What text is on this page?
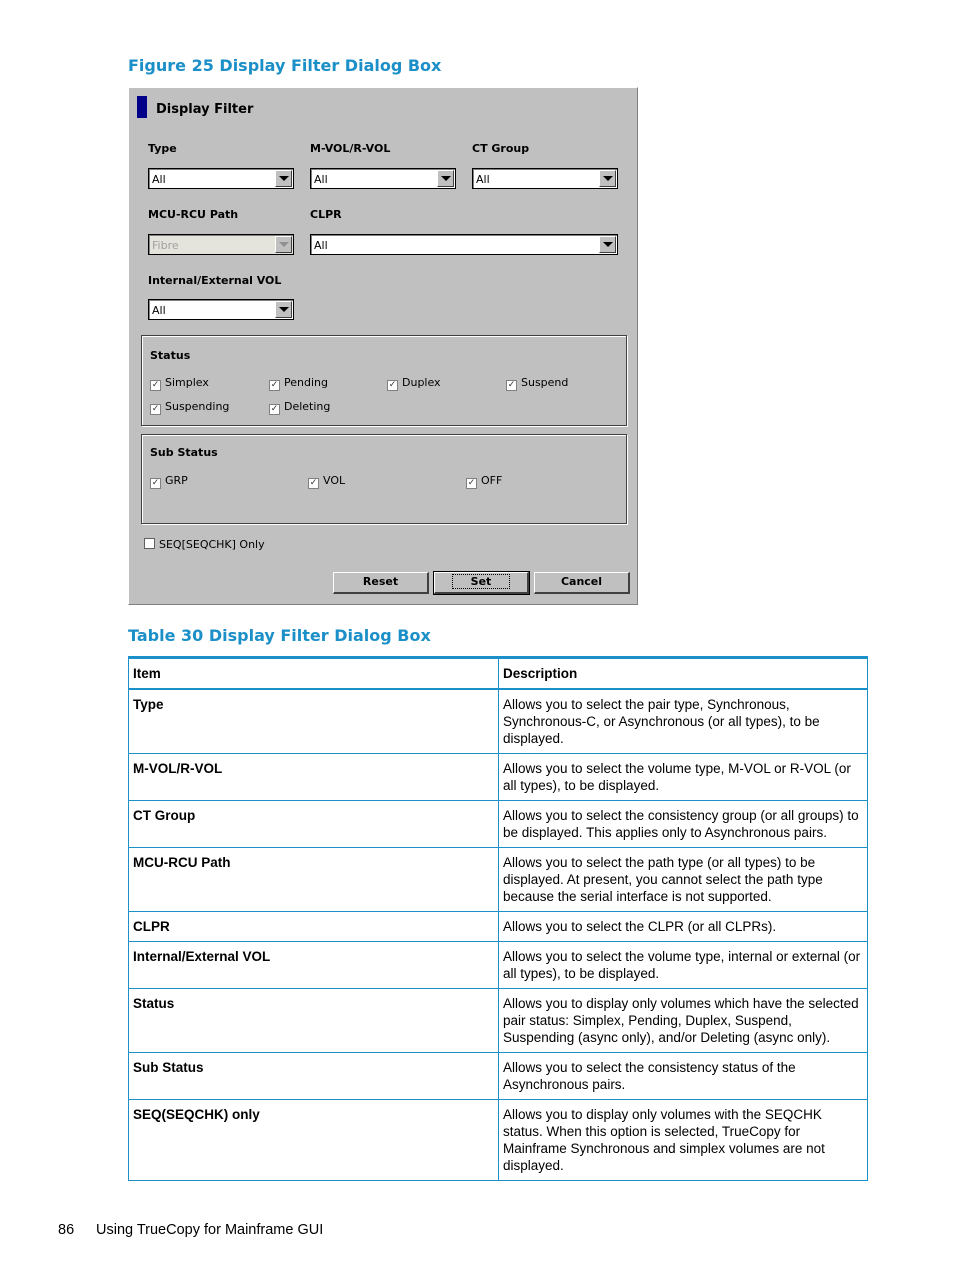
Figure 25 Display Filter Dialog Box
Display Filter
Type
All
M-VOL/R-VOL
All
CT Group
All
MCU-RCU Path
Fibre
CLPR
All
Internal/External VOL
All
Status
✓ Simplex	✓ Pending	✓ Duplex	✓ Suspend
✓ Suspending	✓ Deleting
Sub Status
✓ GRP	✓ VOL	✓ OFF
SEQ[SEQCHK] Only
Reset	Set	Cancel
Table 30 Display Filter Dialog Box
Item	Description
Type	Allows you to select the pair type, Synchronous, Synchronous-C, or Asynchronous (or all types), to be displayed.
M-VOL/R-VOL	Allows you to select the volume type, M-VOL or R-VOL (or all types), to be displayed.
CT Group	Allows you to select the consistency group (or all groups) to be displayed. This applies only to Asynchronous pairs.
MCU-RCU Path	Allows you to select the path type (or all types) to be displayed. At present, you cannot select the path type because the serial interface is not supported.
CLPR	Allows you to select the CLPR (or all CLPRs).
Internal/External VOL	Allows you to select the volume type, internal or external (or all types), to be displayed.
Status	Allows you to display only volumes which have the selected pair status: Simplex, Pending, Duplex, Suspend, Suspending (async only), and/or Deleting (async only).
Sub Status	Allows you to select the consistency status of the Asynchronous pairs.
SEQ(SEQCHK) only	Allows you to display only volumes with the SEQCHK status. When this option is selected, TrueCopy for Mainframe Synchronous and simplex volumes are not displayed.
86 Using TrueCopy for Mainframe GUI
